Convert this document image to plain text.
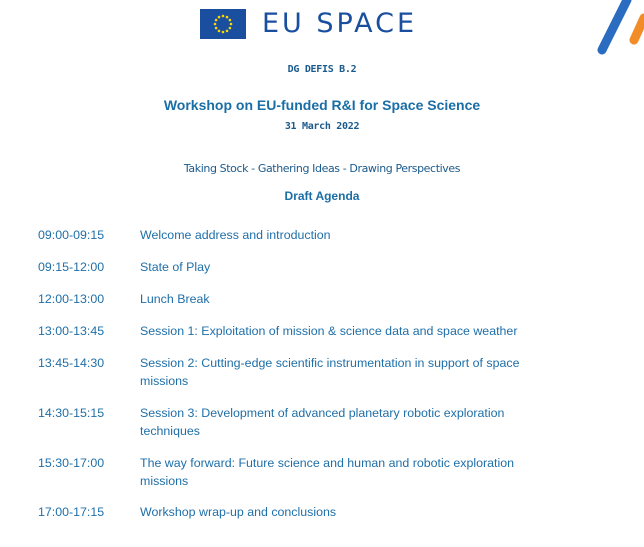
EU SPACE
DG DEFIS B.2
Workshop on EU-funded R&I for Space Science
31 March 2022
Taking Stock - Gathering Ideas - Drawing Perspectives
Draft Agenda
09:00-09:15	Welcome address and introduction
09:15-12:00	State of Play
12:00-13:00	Lunch Break
13:00-13:45	Session 1: Exploitation of mission & science data and space weather
13:45-14:30	Session 2: Cutting-edge scientific instrumentation in support of space missions
14:30-15:15	Session 3: Development of advanced planetary robotic exploration techniques
15:30-17:00	The way forward: Future science and human and robotic exploration missions
17:00-17:15	Workshop wrap-up and conclusions
